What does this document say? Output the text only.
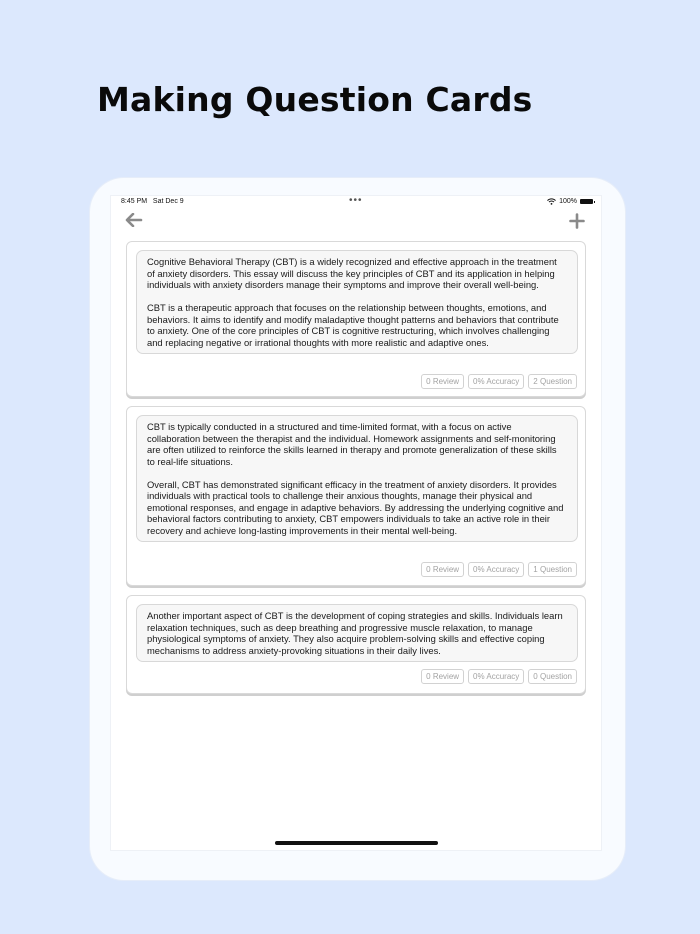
Making Question Cards
8:45 PM Sat Dec 9	•••	100%

Cognitive Behavioral Therapy (CBT) is a widely recognized and effective approach in the treatment of anxiety disorders. This essay will discuss the key principles of CBT and its application in helping individuals with anxiety disorders manage their symptoms and improve their overall well-being.

CBT is a therapeutic approach that focuses on the relationship between thoughts, emotions, and behaviors. It aims to identify and modify maladaptive thought patterns and behaviors that contribute to anxiety. One of the core principles of CBT is cognitive restructuring, which involves challenging and replacing negative or irrational thoughts with more realistic and adaptive ones.

0 Review	0% Accuracy	2 Question

CBT is typically conducted in a structured and time-limited format, with a focus on active collaboration between the therapist and the individual. Homework assignments and self-monitoring are often utilized to reinforce the skills learned in therapy and promote generalization of these skills to real-life situations.

Overall, CBT has demonstrated significant efficacy in the treatment of anxiety disorders. It provides individuals with practical tools to challenge their anxious thoughts, manage their physical and emotional responses, and engage in adaptive behaviors. By addressing the underlying cognitive and behavioral factors contributing to anxiety, CBT empowers individuals to take an active role in their recovery and achieve long-lasting improvements in their mental well-being.

0 Review	0% Accuracy	1 Question

Another important aspect of CBT is the development of coping strategies and skills. Individuals learn relaxation techniques, such as deep breathing and progressive muscle relaxation, to manage physiological symptoms of anxiety. They also acquire problem-solving skills and effective coping mechanisms to address anxiety-provoking situations in their daily lives.

0 Review	0% Accuracy	0 Question
